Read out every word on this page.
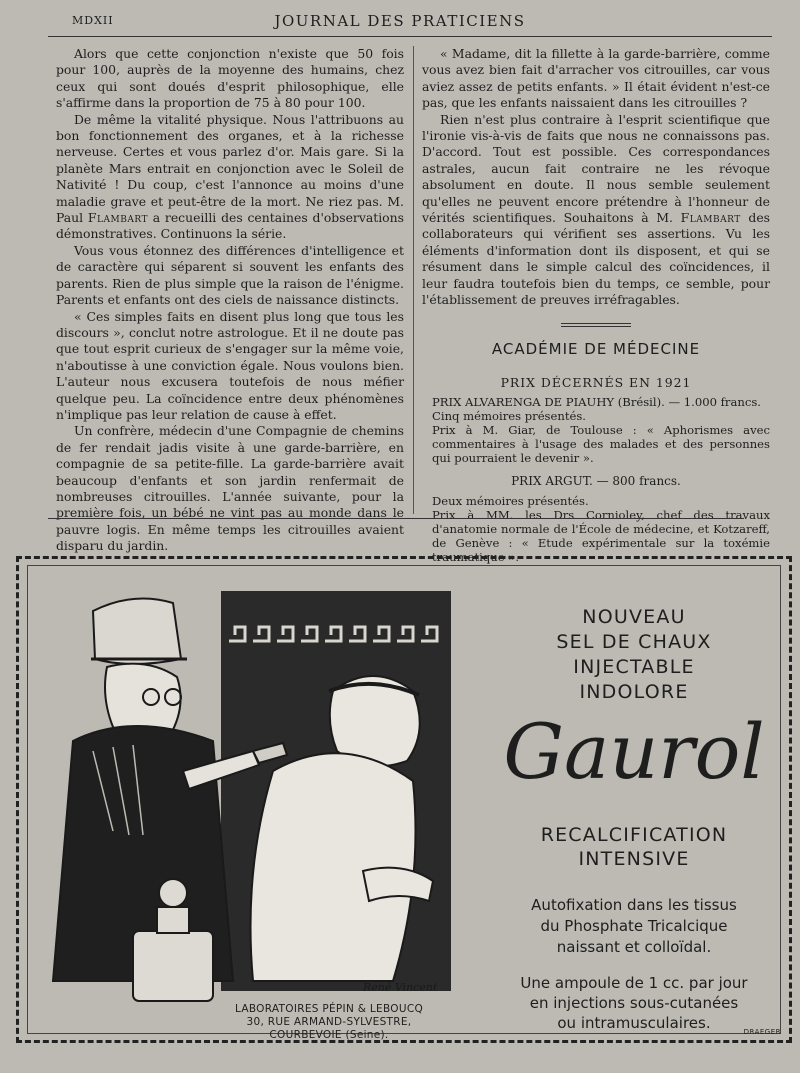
MDXII	JOURNAL DES PRATICIENS

Alors que cette conjonction n'existe que 50 fois pour 100, auprès de la moyenne des humains, chez ceux qui sont doués d'esprit philosophique, elle s'affirme dans la proportion de 75 à 80 pour 100.

De même la vitalité physique. Nous l'attribuons au bon fonctionnement des organes, et à la richesse nerveuse. Certes et vous parlez d'or. Mais gare. Si la planète Mars entrait en conjonction avec le Soleil de Nativité ! Du coup, c'est l'annonce au moins d'une maladie grave et peut-être de la mort. Ne riez pas. M. Paul Flambart a recueilli des centaines d'observations démonstratives. Continuons la série.

Vous vous étonnez des différences d'intelligence et de caractère qui séparent si souvent les enfants des parents. Rien de plus simple que la raison de l'énigme. Parents et enfants ont des ciels de naissance distincts.

« Ces simples faits en disent plus long que tous les discours », conclut notre astrologue. Et il ne doute pas que tout esprit curieux de s'engager sur la même voie, n'aboutisse à une conviction égale. Nous voulons bien. L'auteur nous excusera toutefois de nous méfier quelque peu. La coïncidence entre deux phénomènes n'implique pas leur relation de cause à effet.

Un confrère, médecin d'une Compagnie de chemins de fer rendait jadis visite à une garde-barrière, en compagnie de sa petite-fille. La garde-barrière avait beaucoup d'enfants et son jardin renfermait de nombreuses citrouilles. L'année suivante, pour la première fois, un bébé ne vint pas au monde dans le pauvre logis. En même temps les citrouilles avaient disparu du jardin.

« Madame, dit la fillette à la garde-barrière, comme vous avez bien fait d'arracher vos citrouilles, car vous aviez assez de petits enfants. » Il était évident n'est-ce pas, que les enfants naissaient dans les citrouilles ?

Rien n'est plus contraire à l'esprit scientifique que l'ironie vis-à-vis de faits que nous ne connaissons pas. D'accord. Tout est possible. Ces correspondances astrales, aucun fait contraire ne les révoque absolument en doute. Il nous semble seulement qu'elles ne peuvent encore prétendre à l'honneur de vérités scientifiques. Souhaitons à M. Flambart des collaborateurs qui vérifient ses assertions. Vu les éléments d'information dont ils disposent, et qui se résument dans le simple calcul des coïncidences, il leur faudra toutefois bien du temps, ce semble, pour l'établissement de preuves irréfragables.

ACADÉMIE DE MÉDECINE
PRIX DÉCERNÉS EN 1921

PRIX ALVARENGA DE PIAUHY (Brésil). — 1.000 francs.

Cinq mémoires présentés.

Prix à M. Giar, de Toulouse : « Aphorismes avec commentaires à l'usage des malades et des personnes qui pourraient le devenir ».

PRIX ARGUT. — 800 francs.

Deux mémoires présentés.

Prix à MM. les Drs Cornioley, chef des travaux d'anatomie normale de l'École de médecine, et Kotzareff, de Genève : « Etude expérimentale sur la toxémie traumatique ».

René Vincent
NOUVEAU
SEL DE CHAUX
INJECTABLE
INDOLORE
Gaurol
RECALCIFICATION
INTENSIVE
Autofixation dans les tissus
du Phosphate Tricalcique
naissant et colloïdal.
Une ampoule de 1 cc. par jour
en injections sous-cutanées
ou intramusculaires.
LABORATOIRES PÉPIN & LEBOUCQ
30, RUE ARMAND-SYLVESTRE,
COURBEVOIE (Seine).	DRAEGER
